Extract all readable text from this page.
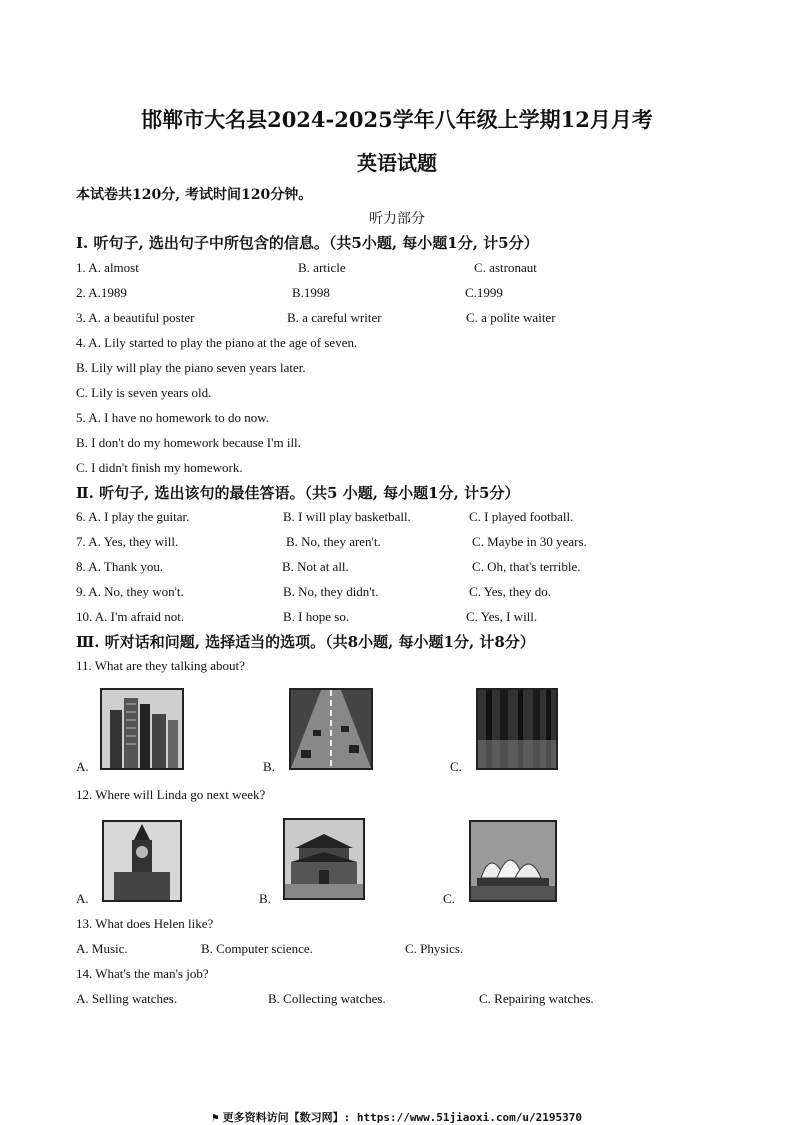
邯郸市大名县2024-2025学年八年级上学期12月月考
英语试题
本试卷共120分, 考试时间120分钟。
听力部分
I. 听句子, 选出句子中所包含的信息。（共5小题, 每小题1分, 计5分）
1. A. almost	B. article	C. astronaut
2. A.1989	B.1998	C.1999
3. A. a beautiful poster	B. a careful writer	C. a polite waiter
4. A. Lily started to play the piano at the age of seven.
B. Lily will play the piano seven years later.
C. Lily is seven years old.
5. A. I have no homework to do now.
B. I don't do my homework because I'm ill.
C. I didn't finish my homework.
Ⅱ. 听句子, 选出该句的最佳答语。（共5 小题, 每小题1分, 计5分）
6. A. I play the guitar.	B. I will play basketball.	C. I played football.
7. A. Yes, they will.	B. No, they aren't.	C. Maybe in 30 years.
8. A. Thank you.	B. Not at all.	C. Oh, that's terrible.
9. A. No, they won't.	B. No, they didn't.	C. Yes, they do.
10. A. I'm afraid not.	B. I hope so.	C. Yes, I will.
Ⅲ. 听对话和问题, 选择适当的选项。（共8小题, 每小题1分, 计8分）
11. What are they talking about?
A.	B.	C.
12. Where will Linda go next week?
A.	B.	C.
13. What does Helen like?
A. Music.	B. Computer science.	C. Physics.
14. What's the man's job?
A. Selling watches.	B. Collecting watches.	C. Repairing watches.
⚑ 更多资料访问【数习网】: https://www.51jiaoxi.com/u/2195370
